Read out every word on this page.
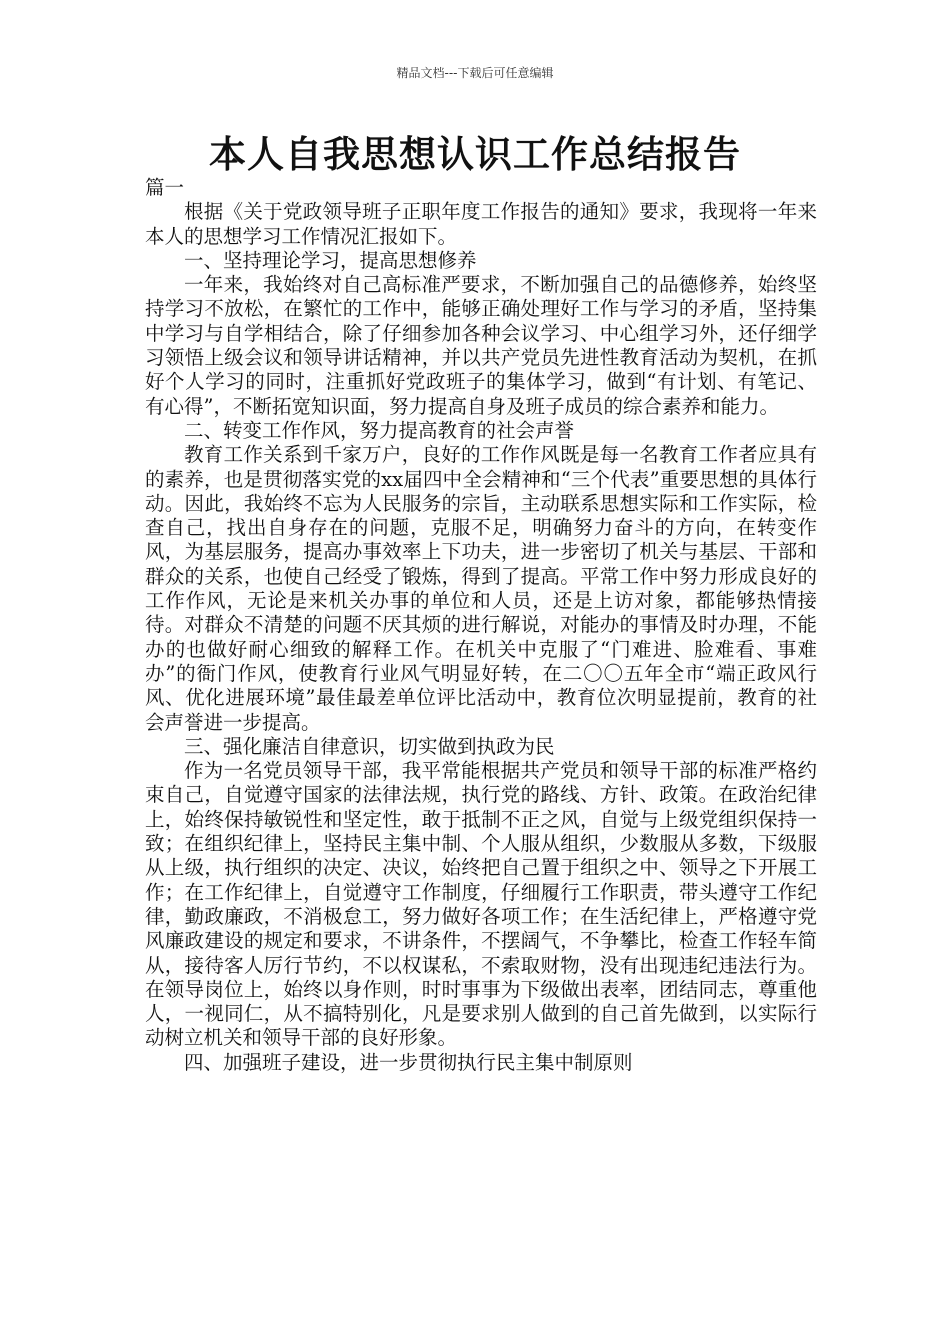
精品文档---下载后可任意编辑
本人自我思想认识工作总结报告

篇一

根据《关于党政领导班子正职年度工作报告的通知》要求，我现将一年来本人的思想学习工作情况汇报如下。

一、坚持理论学习，提高思想修养

一年来，我始终对自己高标准严要求，不断加强自己的品德修养，始终坚持学习不放松，在繁忙的工作中，能够正确处理好工作与学习的矛盾，坚持集中学习与自学相结合，除了仔细参加各种会议学习、中心组学习外，还仔细学习领悟上级会议和领导讲话精神，并以共产党员先进性教育活动为契机，在抓好个人学习的同时，注重抓好党政班子的集体学习，做到“有计划、有笔记、有心得”，不断拓宽知识面，努力提高自身及班子成员的综合素养和能力。

二、转变工作作风，努力提高教育的社会声誉

教育工作关系到千家万户，良好的工作作风既是每一名教育工作者应具有的素养，也是贯彻落实党的xx届四中全会精神和“三个代表”重要思想的具体行动。因此，我始终不忘为人民服务的宗旨，主动联系思想实际和工作实际，检查自己，找出自身存在的问题，克服不足，明确努力奋斗的方向，在转变作风，为基层服务，提高办事效率上下功夫，进一步密切了机关与基层、干部和群众的关系，也使自己经受了锻炼，得到了提高。平常工作中努力形成良好的工作作风，无论是来机关办事的单位和人员，还是上访对象，都能够热情接待。对群众不清楚的问题不厌其烦的进行解说，对能办的事情及时办理，不能办的也做好耐心细致的解释工作。在机关中克服了“门难进、脸难看、事难办”的衙门作风，使教育行业风气明显好转，在二〇〇五年全市“端正政风行风、优化进展环境”最佳最差单位评比活动中，教育位次明显提前，教育的社会声誉进一步提高。

三、强化廉洁自律意识，切实做到执政为民

作为一名党员领导干部，我平常能根据共产党员和领导干部的标准严格约束自己，自觉遵守国家的法律法规，执行党的路线、方针、政策。在政治纪律上，始终保持敏锐性和坚定性，敢于抵制不正之风，自觉与上级党组织保持一致；在组织纪律上，坚持民主集中制、个人服从组织，少数服从多数，下级服从上级，执行组织的决定、决议，始终把自己置于组织之中、领导之下开展工作；在工作纪律上，自觉遵守工作制度，仔细履行工作职责，带头遵守工作纪律，勤政廉政，不消极怠工，努力做好各项工作；在生活纪律上，严格遵守党风廉政建设的规定和要求，不讲条件，不摆阔气，不争攀比，检查工作轻车简从，接待客人厉行节约，不以权谋私，不索取财物，没有出现违纪违法行为。在领导岗位上，始终以身作则，时时事事为下级做出表率，团结同志，尊重他人，一视同仁，从不搞特别化，凡是要求别人做到的自己首先做到，以实际行动树立机关和领导干部的良好形象。

四、加强班子建设，进一步贯彻执行民主集中制原则
